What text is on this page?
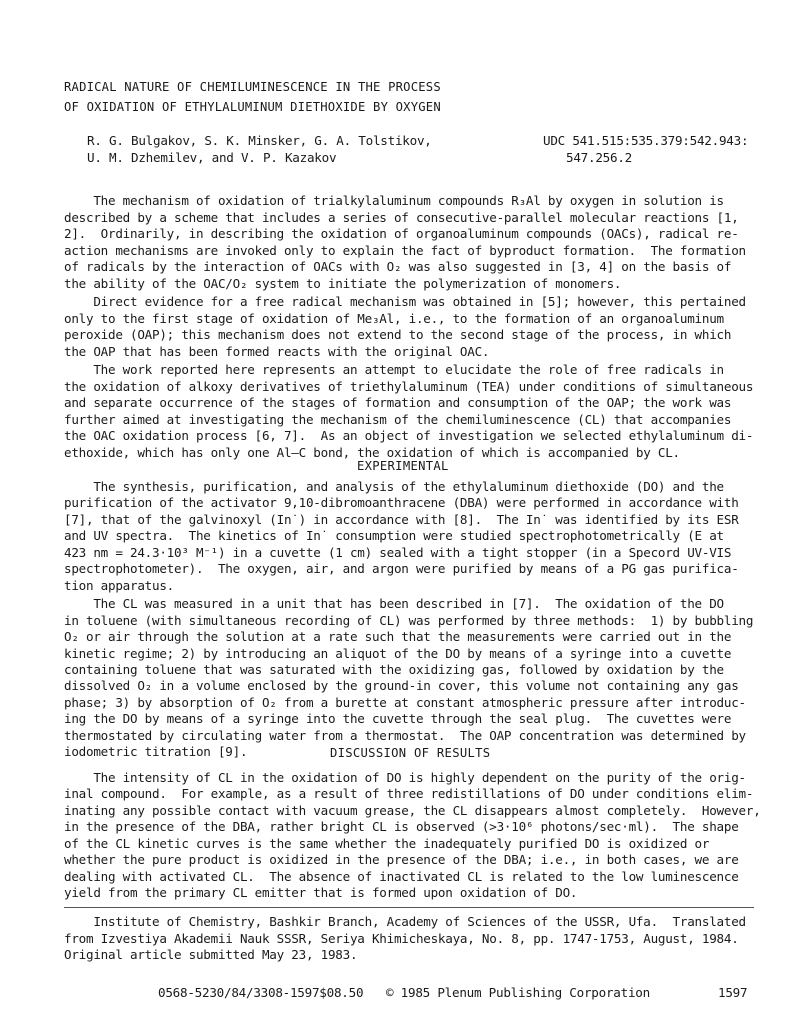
RADICAL NATURE OF CHEMILUMINESCENCE IN THE PROCESS
OF OXIDATION OF ETHYLALUMINUM DIETHOXIDE BY OXYGEN
R. G. Bulgakov, S. K. Minsker, G. A. Tolstikov,
U. M. Dzhemilev, and V. P. Kazakov
UDC 541.515:535.379:542.943:
547.256.2
The mechanism of oxidation of trialkylaluminum compounds R₃Al by oxygen in solution is
described by a scheme that includes a series of consecutive-parallel molecular reactions [1,
2].  Ordinarily, in describing the oxidation of organoaluminum compounds (OACs), radical re-
action mechanisms are invoked only to explain the fact of byproduct formation.  The formation
of radicals by the interaction of OACs with O₂ was also suggested in [3, 4] on the basis of
the ability of the OAC/O₂ system to initiate the polymerization of monomers.
Direct evidence for a free radical mechanism was obtained in [5]; however, this pertained
only to the first stage of oxidation of Me₃Al, i.e., to the formation of an organoaluminum
peroxide (OAP); this mechanism does not extend to the second stage of the process, in which
the OAP that has been formed reacts with the original OAC.
The work reported here represents an attempt to elucidate the role of free radicals in
the oxidation of alkoxy derivatives of triethylaluminum (TEA) under conditions of simultaneous
and separate occurrence of the stages of formation and consumption of the OAP; the work was
further aimed at investigating the mechanism of the chemiluminescence (CL) that accompanies
the OAC oxidation process [6, 7].  As an object of investigation we selected ethylaluminum di-
ethoxide, which has only one Al—C bond, the oxidation of which is accompanied by CL.
EXPERIMENTAL
The synthesis, purification, and analysis of the ethylaluminum diethoxide (DO) and the
purification of the activator 9,10-dibromoanthracene (DBA) were performed in accordance with
[7], that of the galvinoxyl (In˙) in accordance with [8].  The In˙ was identified by its ESR
and UV spectra.  The kinetics of In˙ consumption were studied spectrophotometrically (E at
423 nm = 24.3·10³ M⁻¹) in a cuvette (1 cm) sealed with a tight stopper (in a Specord UV-VIS
spectrophotometer).  The oxygen, air, and argon were purified by means of a PG gas purifica-
tion apparatus.
The CL was measured in a unit that has been described in [7].  The oxidation of the DO
in toluene (with simultaneous recording of CL) was performed by three methods:  1) by bubbling
O₂ or air through the solution at a rate such that the measurements were carried out in the
kinetic regime; 2) by introducing an aliquot of the DO by means of a syringe into a cuvette
containing toluene that was saturated with the oxidizing gas, followed by oxidation by the
dissolved O₂ in a volume enclosed by the ground-in cover, this volume not containing any gas
phase; 3) by absorption of O₂ from a burette at constant atmospheric pressure after introduc-
ing the DO by means of a syringe into the cuvette through the seal plug.  The cuvettes were
thermostated by circulating water from a thermostat.  The OAP concentration was determined by
iodometric titration [9].	DISCUSSION OF RESULTS
The intensity of CL in the oxidation of DO is highly dependent on the purity of the orig-
inal compound.  For example, as a result of three redistillations of DO under conditions elim-
inating any possible contact with vacuum grease, the CL disappears almost completely.  However,
in the presence of the DBA, rather bright CL is observed (>3·10⁶ photons/sec·ml).  The shape
of the CL kinetic curves is the same whether the inadequately purified DO is oxidized or
whether the pure product is oxidized in the presence of the DBA; i.e., in both cases, we are
dealing with activated CL.  The absence of inactivated CL is related to the low luminescence
yield from the primary CL emitter that is formed upon oxidation of DO.
Institute of Chemistry, Bashkir Branch, Academy of Sciences of the USSR, Ufa.  Translated
from Izvestiya Akademii Nauk SSSR, Seriya Khimicheskaya, No. 8, pp. 1747-1753, August, 1984.
Original article submitted May 23, 1983.
0568-5230/84/3308-1597$08.50 © 1985 Plenum Publishing Corporation	1597
